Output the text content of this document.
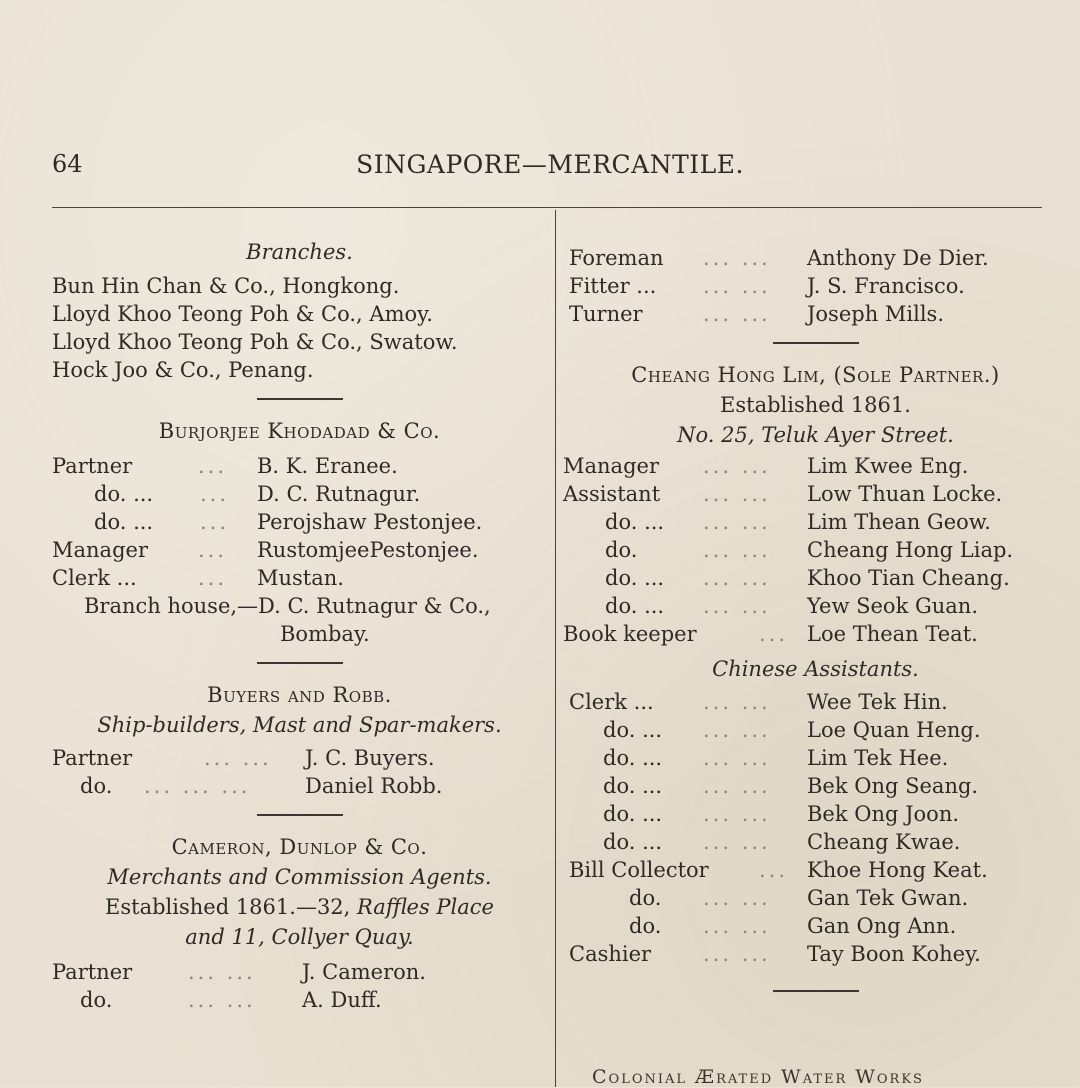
64	SINGAPORE—MERCANTILE.
Branches.
Bun Hin Chan & Co., Hongkong.
Lloyd Khoo Teong Poh & Co., Amoy.
Lloyd Khoo Teong Poh & Co., Swatow.
Hock Joo & Co., Penang.
Burjorjee Khodadad & Co.
Partner	... B. K. Eranee.
do. ... ... D. C. Rutnagur.
do. ... ... Perojshaw Pestonjee.
Manager ... RustomjeePestonjee.
Clerk ...	... Mustan.
Branch house,—D. C. Rutnagur & Co.,
Bombay.
Buyers and Robb.
Ship-builders, Mast and Spar-makers.
Partner	... ... J. C. Buyers.
do. ... ... ...	Daniel Robb.
Cameron, Dunlop & Co.
Merchants and Commission Agents.
Established 1861.—32, Raffles Place
and 11, Collyer Quay.
Partner	... ... J. Cameron.
do.	... ... A. Duff.
Foreman ... ... Anthony De Dier.
Fitter ... ... ... J. S. Francisco.
Turner	... ... Joseph Mills.
Cheang Hong Lim, (Sole Partner.)
Established 1861.
No. 25, Teluk Ayer Street.
Manager ... ... Lim Kwee Eng.
Assistant ... ... Low Thuan Locke.
do. ... ... ... Lim Thean Geow.
do.	... ... Cheang Hong Liap.
do. ... ... ... Khoo Tian Cheang.
do. ... ... ... Yew Seok Guan.
Book keeper	... Loe Thean Teat.
Chinese Assistants.
Clerk ... ... ... Wee Tek Hin.
do. ... ... ... Loe Quan Heng.
do. ... ... ... Lim Tek Hee.
do. ... ... ... Bek Ong Seang.
do. ... ... ... Bek Ong Joon.
do. ... ... ... Cheang Kwae.
Bill Collector ... Khoe Hong Keat.
do. ... ... Gan Tek Gwan.
do. ... ... Gan Ong Ann.
Cashier ... ... Tay Boon Kohey.
Colonial Ærated Water Works
